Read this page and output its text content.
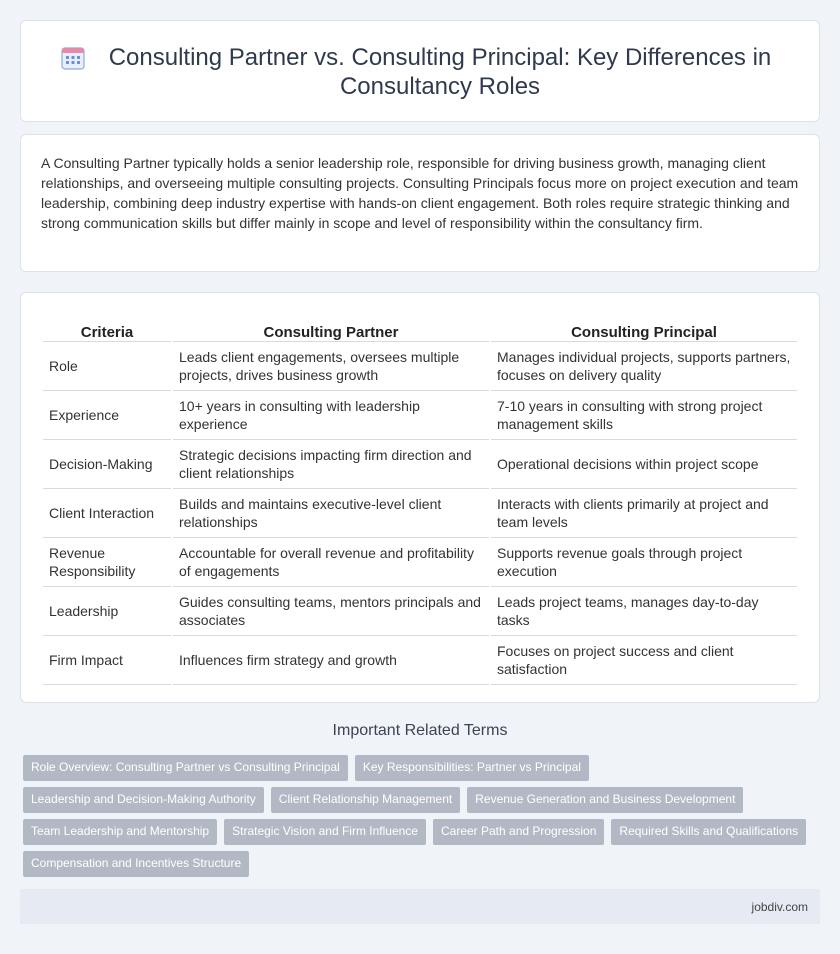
Consulting Partner vs. Consulting Principal: Key Differences in Consultancy Roles

A Consulting Partner typically holds a senior leadership role, responsible for driving business growth, managing client relationships, and overseeing multiple consulting projects. Consulting Principals focus more on project execution and team leadership, combining deep industry expertise with hands-on client engagement. Both roles require strategic thinking and strong communication skills but differ mainly in scope and level of responsibility within the consultancy firm.

Criteria	Consulting Partner	Consulting Principal
Role	Leads client engagements, oversees multiple projects, drives business growth	Manages individual projects, supports partners, focuses on delivery quality
Experience	10+ years in consulting with leadership experience	7-10 years in consulting with strong project management skills
Decision-Making	Strategic decisions impacting firm direction and client relationships	Operational decisions within project scope
Client Interaction	Builds and maintains executive-level client relationships	Interacts with clients primarily at project and team levels
Revenue Responsibility	Accountable for overall revenue and profitability of engagements	Supports revenue goals through project execution
Leadership	Guides consulting teams, mentors principals and associates	Leads project teams, manages day-to-day tasks
Firm Impact	Influences firm strategy and growth	Focuses on project success and client satisfaction
Important Related Terms
Role Overview: Consulting Partner vs Consulting Principal	Key Responsibilities: Partner vs Principal
Leadership and Decision-Making Authority	Client Relationship Management	Revenue Generation and Business Development
Team Leadership and Mentorship	Strategic Vision and Firm Influence	Career Path and Progression	Required Skills and Qualifications
Compensation and Incentives Structure
jobdiv.com
